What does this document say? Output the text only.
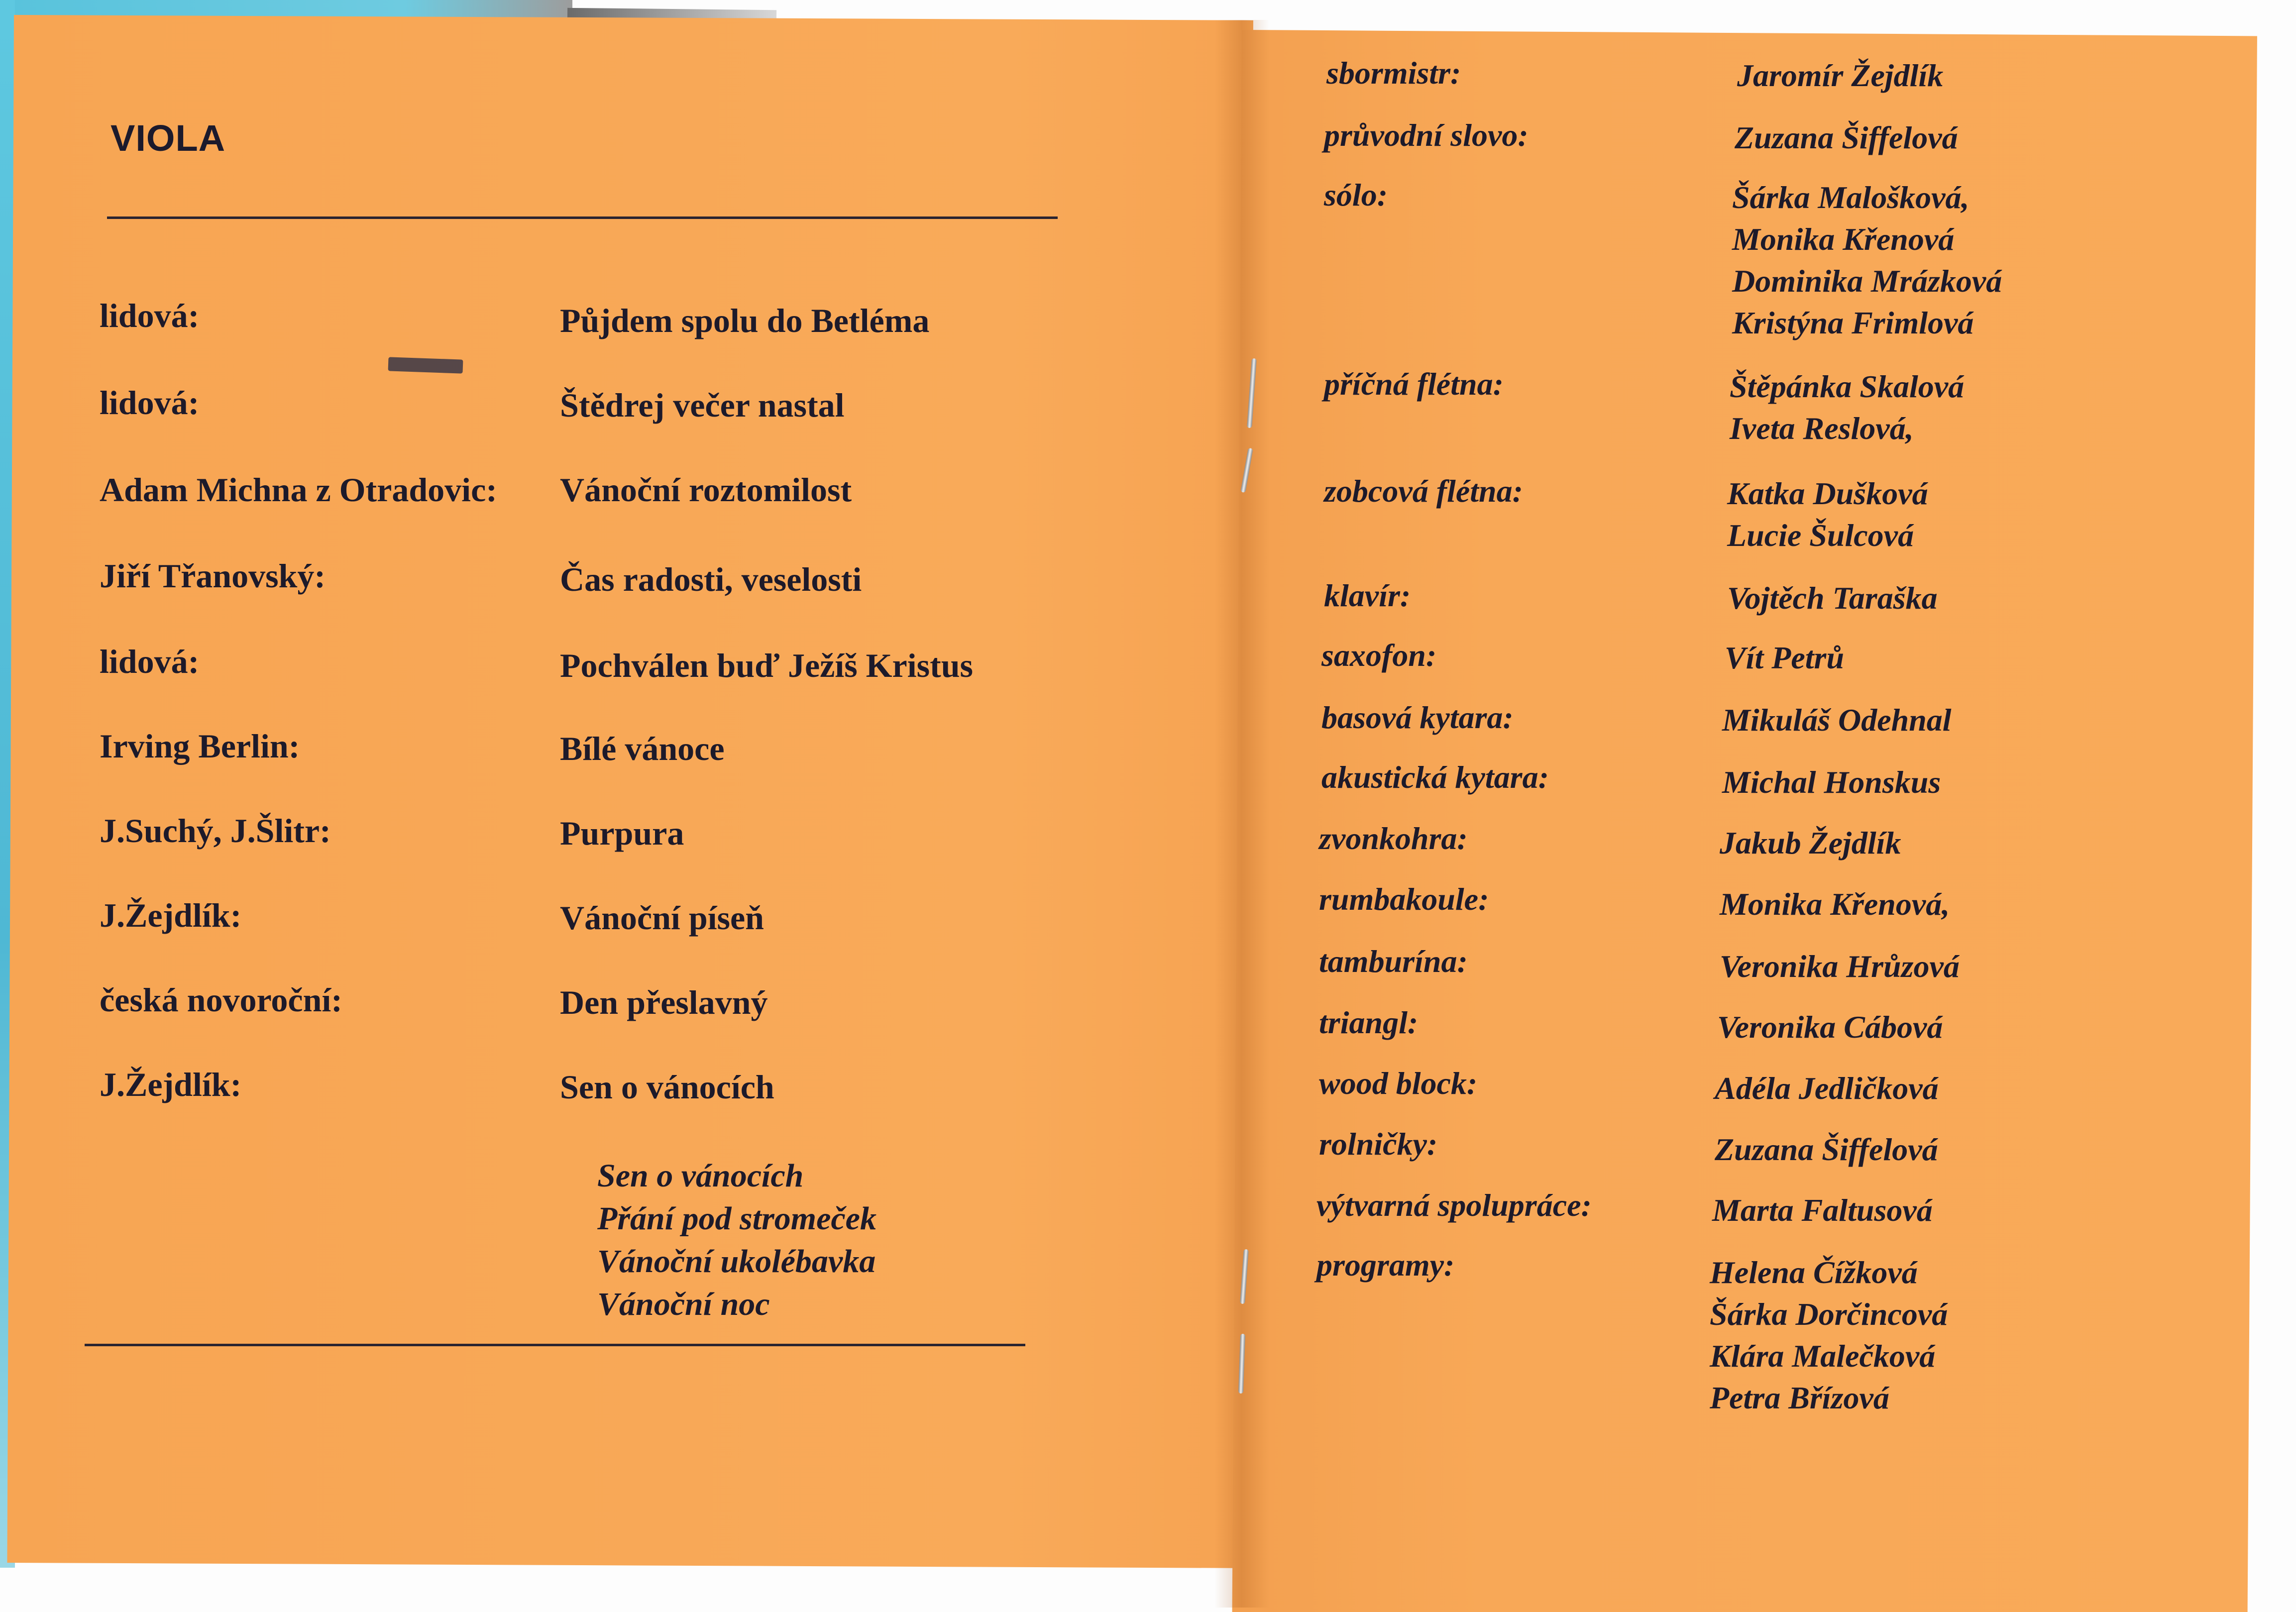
VIOLA
lidová:	Půjdem spolu do Betléma
lidová:	Štědrej večer nastal
Adam Michna z Otradovic: Vánoční roztomilost
Jiří Třanovský:	Čas radosti, veselosti
lidová:	Pochválen buď Ježíš Kristus
Irving Berlin:	Bílé vánoce
J.Suchý, J.Šlitr:	Purpura
J.Žejdlík:	Vánoční píseň
česká novoroční:	Den přeslavný
J.Žejdlík:	Sen o vánocích
Sen o vánocích
Přání pod stromeček
Vánoční ukolébavka
Vánoční noc
sbormistr:	Jaromír Žejdlík
průvodní slovo:	Zuzana Šiffelová
sólo:	Šárka Malošková,
Monika Křenová
Dominika Mrázková
Kristýna Frimlová
příčná flétna:	Štěpánka Skalová
Iveta Reslová,
zobcová flétna:	Katka Dušková
Lucie Šulcová
klavír:	Vojtěch Taraška
saxofon:	Vít Petrů
basová kytara:	Mikuláš Odehnal
akustická kytara:	Michal Honskus
zvonkohra:	Jakub Žejdlík
rumbakoule:	Monika Křenová,
tamburína:	Veronika Hrůzová
triangl:	Veronika Cábová
wood block:	Adéla Jedličková
rolničky:	Zuzana Šiffelová
výtvarná spolupráce:	Marta Faltusová
programy:	Helena Čížková
Šárka Dorčincová
Klára Malečková
Petra Břízová
